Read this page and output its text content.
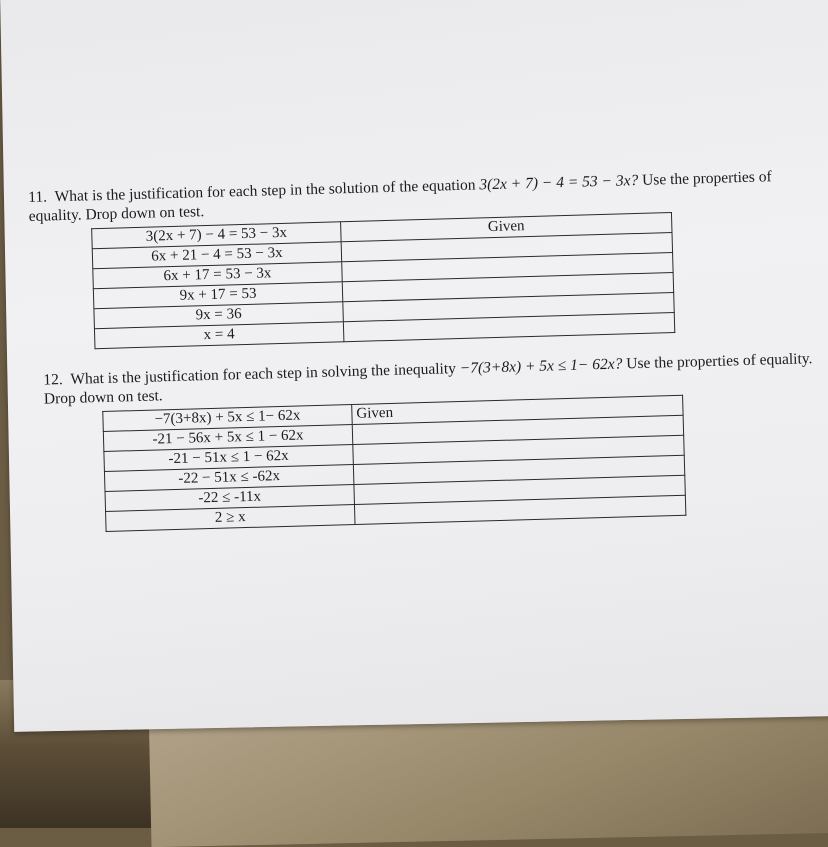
11. What is the justification for each step in the solution of the equation 3(2x + 7) − 4 = 53 − 3x? Use the properties of equality. Drop down on test.

3(2x + 7) − 4 = 53 − 3x	Given
6x + 21 − 4 = 53 − 3x	
6x + 17 = 53 − 3x	
9x + 17 = 53	
9x = 36	
x = 4	

12. What is the justification for each step in solving the inequality −7(3+8x) + 5x ≤ 1− 62x? Use the properties of equality. Drop down on test.

−7(3+8x) + 5x ≤ 1− 62x	Given
-21 − 56x + 5x ≤ 1 − 62x	
-21 − 51x ≤ 1 − 62x	
-22 − 51x ≤ -62x	
-22 ≤ -11x	
2 ≥ x	
